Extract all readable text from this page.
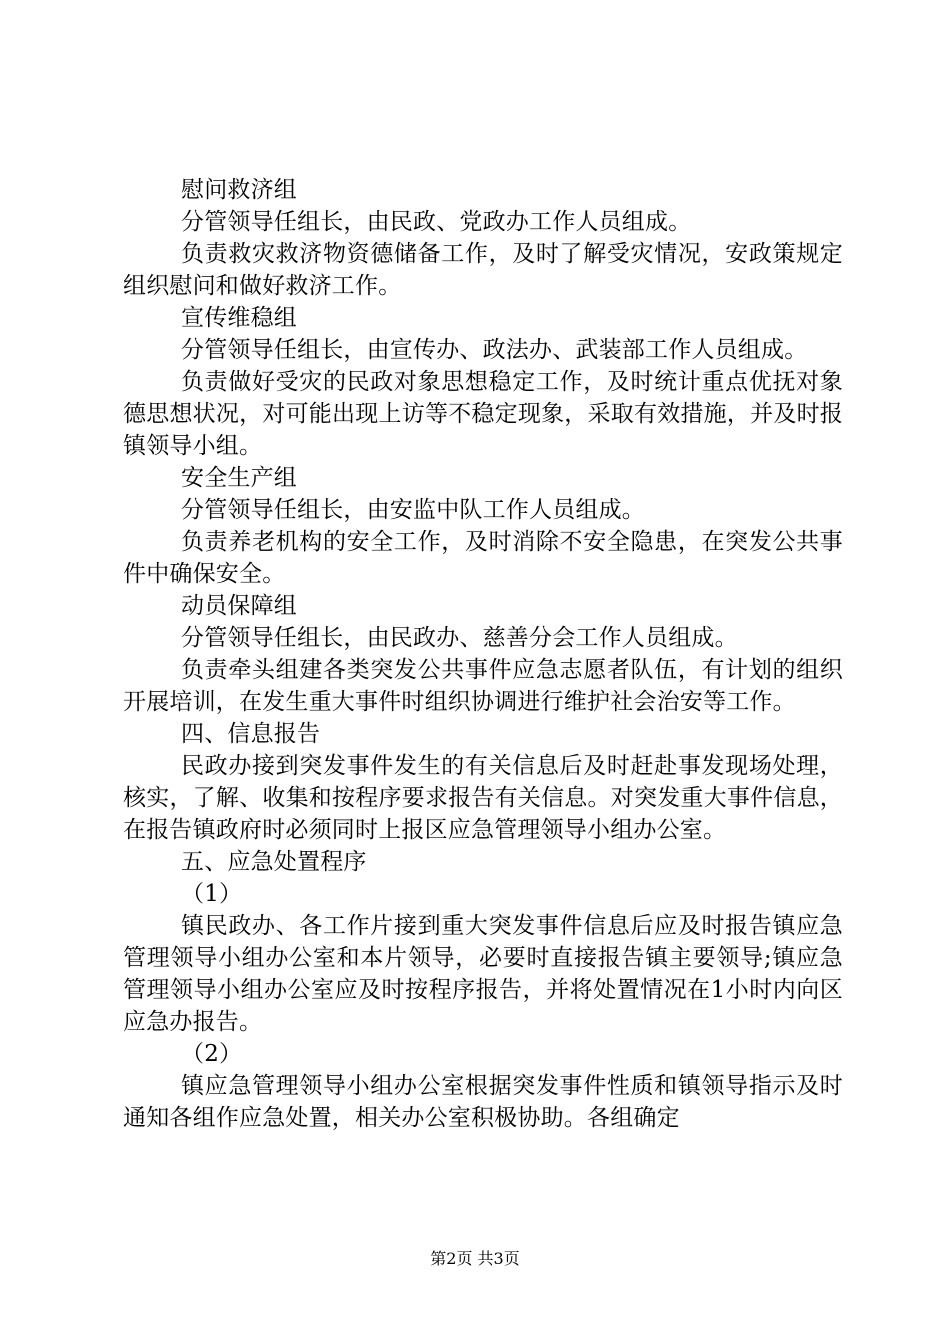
慰问救济组

分管领导任组长，由民政、党政办工作人员组成。

负责救灾救济物资德储备工作，及时了解受灾情况，安政策规定组织慰问和做好救济工作。

宣传维稳组

分管领导任组长，由宣传办、政法办、武装部工作人员组成。

负责做好受灾的民政对象思想稳定工作，及时统计重点优抚对象德思想状况，对可能出现上访等不稳定现象，采取有效措施，并及时报镇领导小组。

安全生产组

分管领导任组长，由安监中队工作人员组成。

负责养老机构的安全工作，及时消除不安全隐患，在突发公共事件中确保安全。

动员保障组

分管领导任组长，由民政办、慈善分会工作人员组成。

负责牵头组建各类突发公共事件应急志愿者队伍，有计划的组织开展培训，在发生重大事件时组织协调进行维护社会治安等工作。

四、信息报告

民政办接到突发事件发生的有关信息后及时赶赴事发现场处理，核实，了解、收集和按程序要求报告有关信息。对突发重大事件信息，在报告镇政府时必须同时上报区应急管理领导小组办公室。

五、应急处置程序

（1）

镇民政办、各工作片接到重大突发事件信息后应及时报告镇应急管理领导小组办公室和本片领导，必要时直接报告镇主要领导;镇应急管理领导小组办公室应及时按程序报告，并将处置情况在1小时内向区应急办报告。

（2）

镇应急管理领导小组办公室根据突发事件性质和镇领导指示及时通知各组作应急处置，相关办公室积极协助。各组确定

第2页 共3页
